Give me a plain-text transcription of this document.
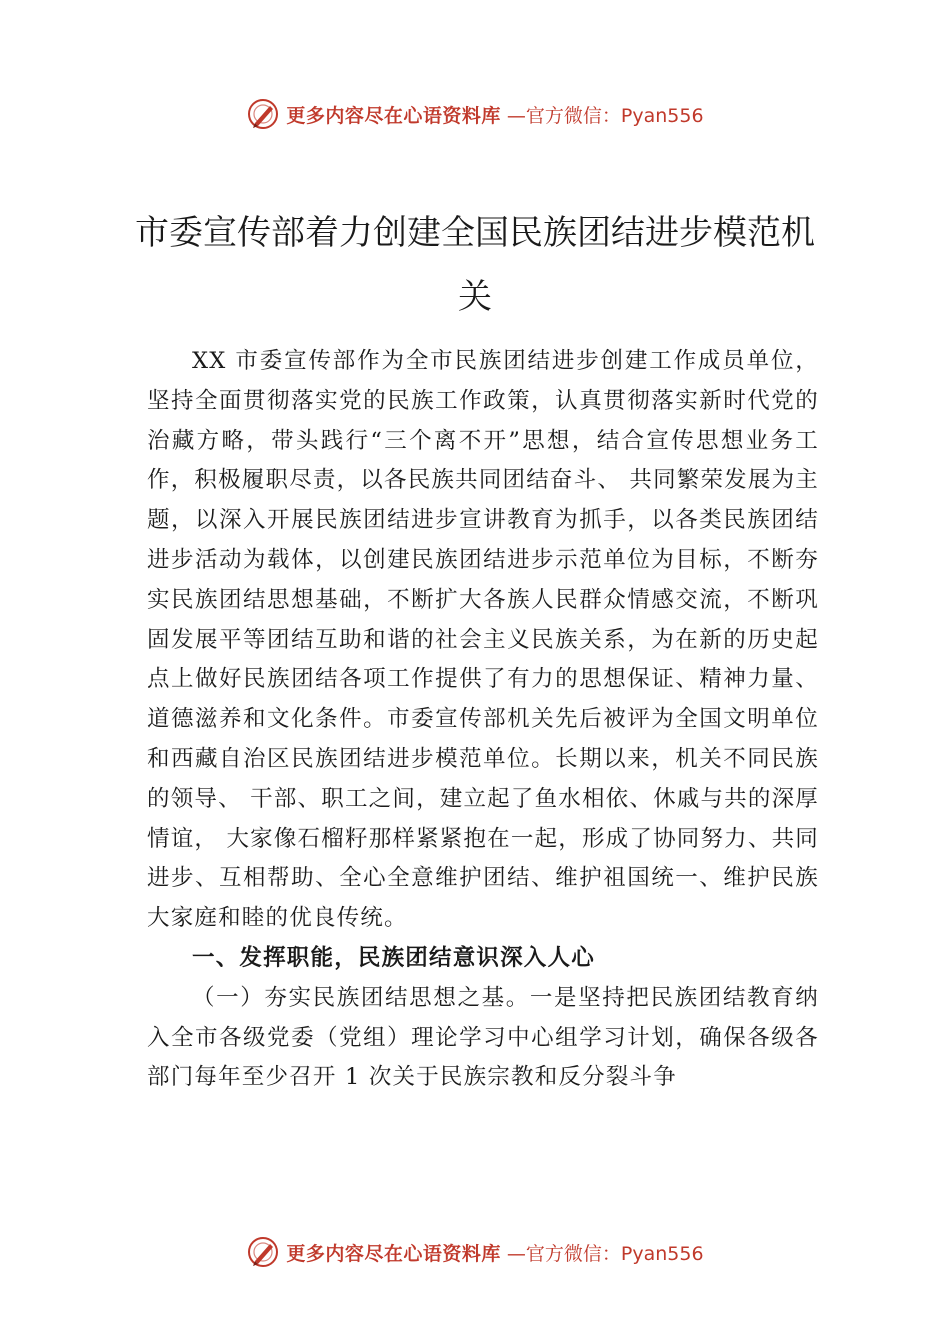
更多内容尽在心语资料库 —官方微信：Pyan556
市委宣传部着力创建全国民族团结进步模范机关

XX 市委宣传部作为全市民族团结进步创建工作成员单位，坚持全面贯彻落实党的民族工作政策，认真贯彻落实新时代党的治藏方略，带头践行“三个离不开”思想，结合宣传思想业务工作，积极履职尽责，以各民族共同团结奋斗、 共同繁荣发展为主题，以深入开展民族团结进步宣讲教育为抓手，以各类民族团结进步活动为载体，以创建民族团结进步示范单位为目标，不断夯实民族团结思想基础，不断扩大各族人民群众情感交流，不断巩固发展平等团结互助和谐的社会主义民族关系，为在新的历史起点上做好民族团结各项工作提供了有力的思想保证、精神力量、道德滋养和文化条件。市委宣传部机关先后被评为全国文明单位和西藏自治区民族团结进步模范单位。长期以来，机关不同民族的领导、 干部、职工之间，建立起了鱼水相依、休戚与共的深厚情谊， 大家像石榴籽那样紧紧抱在一起，形成了协同努力、共同进步、互相帮助、全心全意维护团结、维护祖国统一、维护民族大家庭和睦的优良传统。

一、发挥职能，民族团结意识深入人心

（一）夯实民族团结思想之基。一是坚持把民族团结教育纳入全市各级党委（党组）理论学习中心组学习计划，确保各级各部门每年至少召开 1 次关于民族宗教和反分裂斗争

更多内容尽在心语资料库 —官方微信：Pyan556
